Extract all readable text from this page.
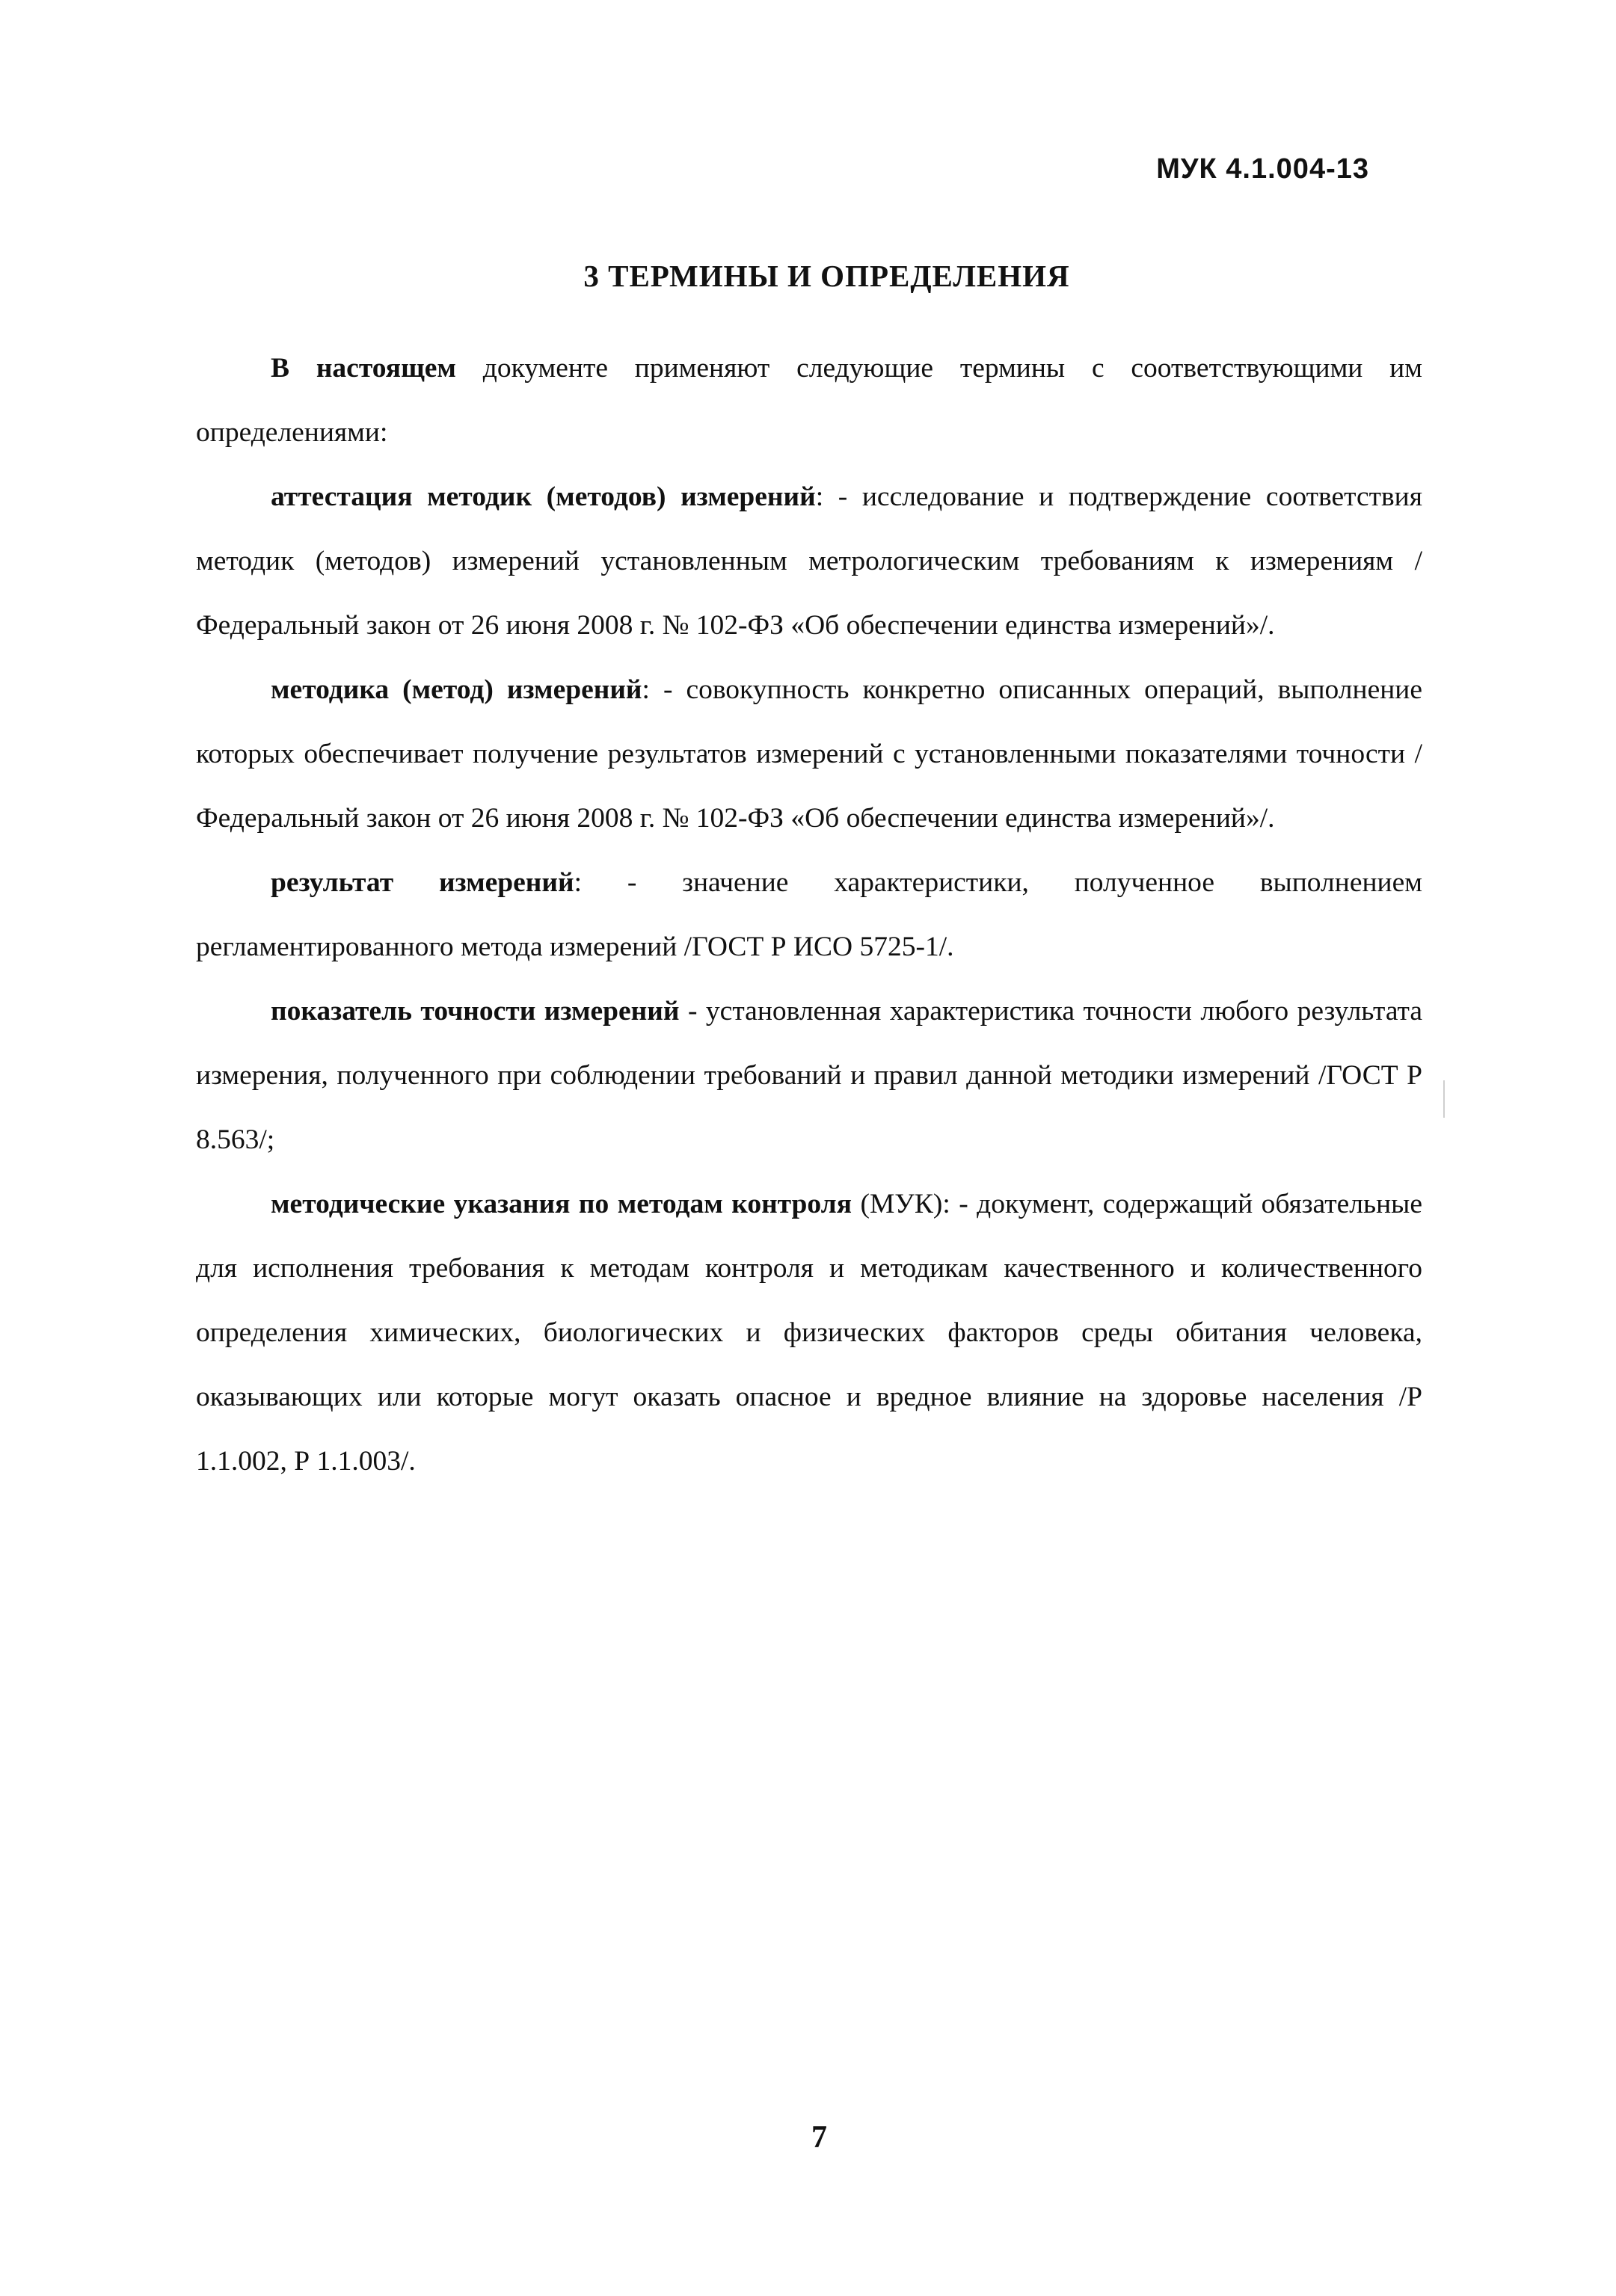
МУК 4.1.004-13
3 ТЕРМИНЫ И ОПРЕДЕЛЕНИЯ

В настоящем документе применяют следующие термины с соответствующими им определениями:

аттестация методик (методов) измерений: - исследование и подтверждение соответствия методик (методов) измерений установленным метрологическим требованиям к измерениям /Федеральный закон от 26 июня 2008 г. № 102-ФЗ «Об обеспечении единства измерений»/.

методика (метод) измерений: - совокупность конкретно описанных операций, выполнение которых обеспечивает получение результатов измерений с установленными показателями точности /Федеральный закон от 26 июня 2008 г. № 102-ФЗ «Об обеспечении единства измерений»/.

результат измерений: - значение характеристики, полученное выполнением регламентированного метода измерений /ГОСТ Р ИСО 5725-1/.

показатель точности измерений - установленная характеристика точности любого результата измерения, полученного при соблюдении требований и правил данной методики измерений /ГОСТ Р 8.563/;

методические указания по методам контроля (МУК): - документ, содержащий обязательные для исполнения требования к методам контроля и методикам качественного и количественного определения химических, биологических и физических факторов среды обитания человека, оказывающих или которые могут оказать опасное и вредное влияние на здоровье населения /Р 1.1.002, Р 1.1.003/.

7
